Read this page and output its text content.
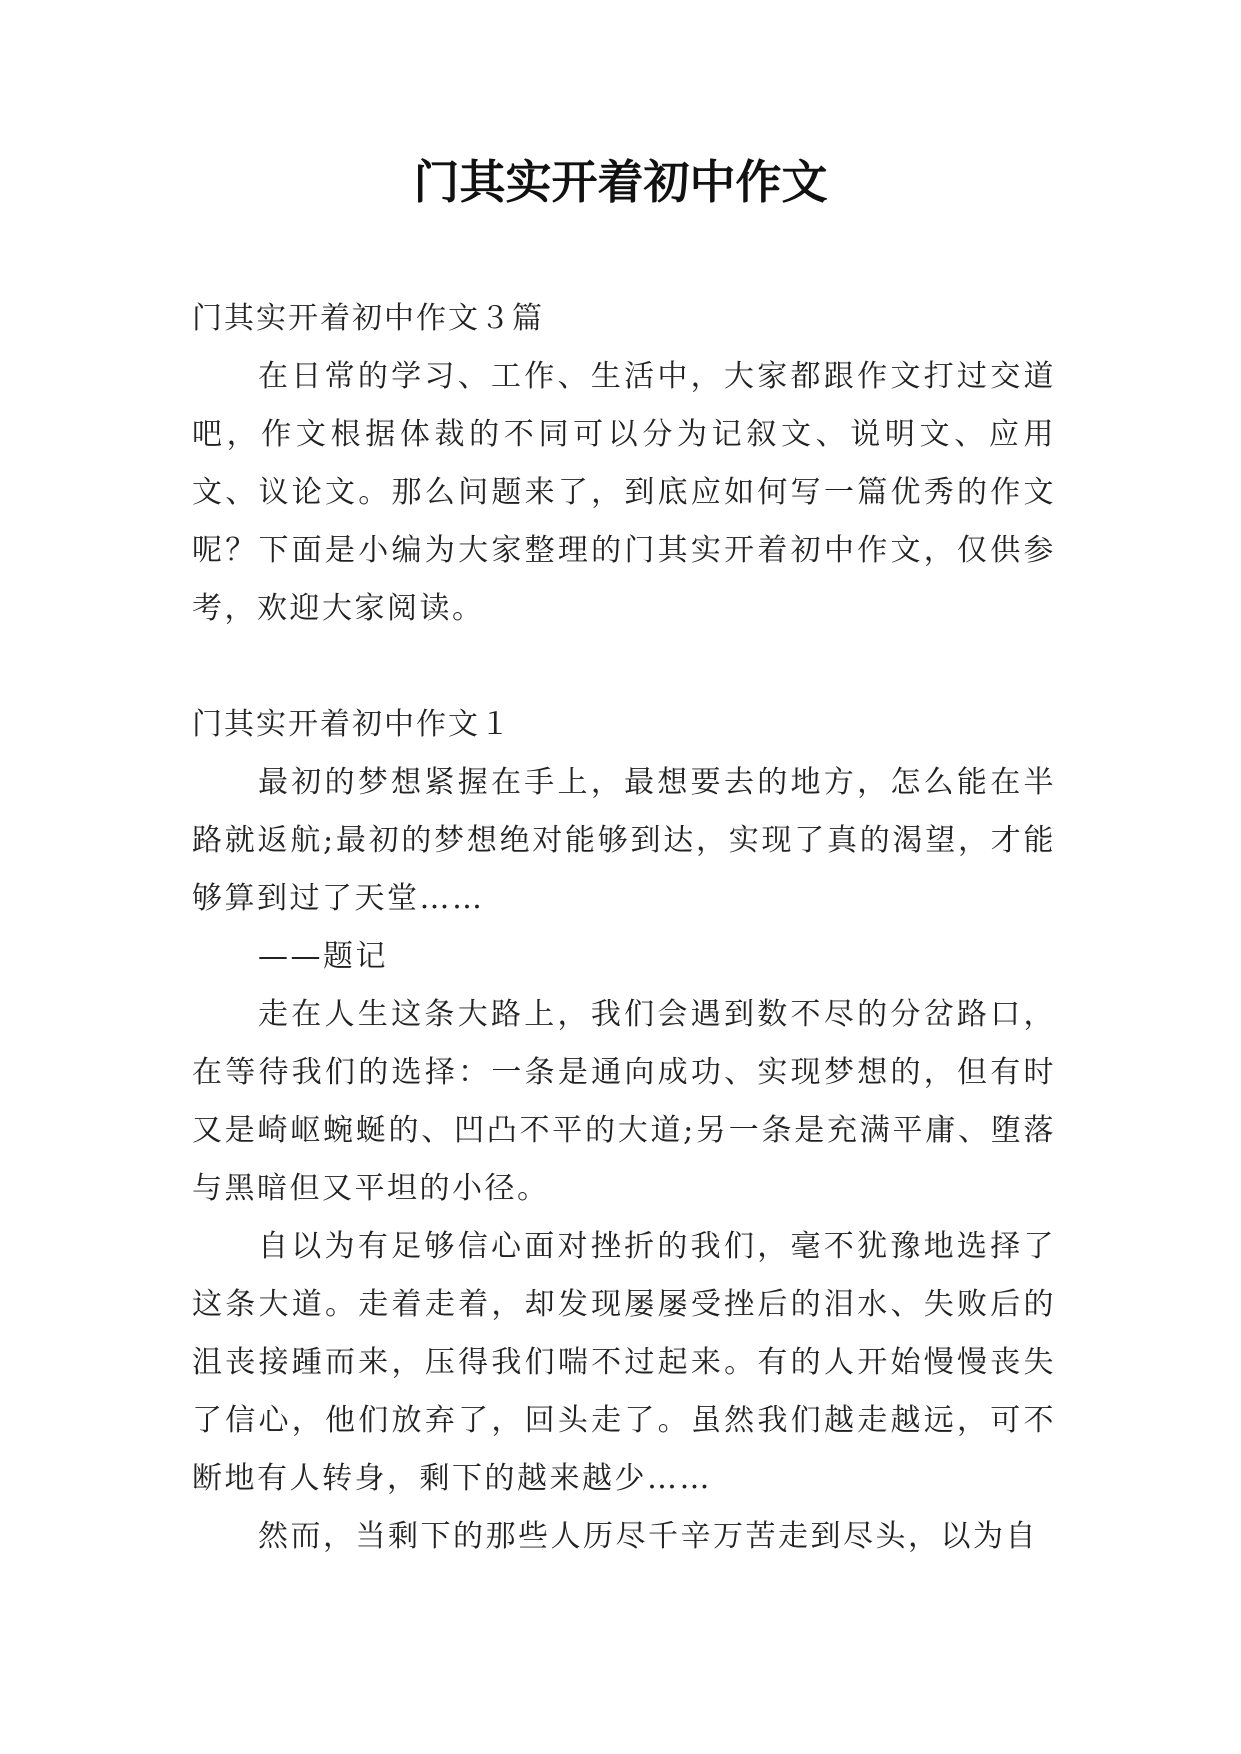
门其实开着初中作文

门其实开着初中作文３篇

在日常的学习、工作、生活中，大家都跟作文打过交道吧，作文根据体裁的不同可以分为记叙文、说明文、应用文、议论文。那么问题来了，到底应如何写一篇优秀的作文呢？下面是小编为大家整理的门其实开着初中作文，仅供参考，欢迎大家阅读。

门其实开着初中作文１

最初的梦想紧握在手上，最想要去的地方，怎么能在半路就返航;最初的梦想绝对能够到达，实现了真的渴望，才能够算到过了天堂……

——题记

走在人生这条大路上，我们会遇到数不尽的分岔路口，在等待我们的选择：一条是通向成功、实现梦想的，但有时又是崎岖蜿蜒的、凹凸不平的大道;另一条是充满平庸、堕落与黑暗但又平坦的小径。

自以为有足够信心面对挫折的我们，毫不犹豫地选择了这条大道。走着走着，却发现屡屡受挫后的泪水、失败后的沮丧接踵而来，压得我们喘不过起来。有的人开始慢慢丧失了信心，他们放弃了，回头走了。虽然我们越走越远，可不断地有人转身，剩下的越来越少……

然而，当剩下的那些人历尽千辛万苦走到尽头，以为自
